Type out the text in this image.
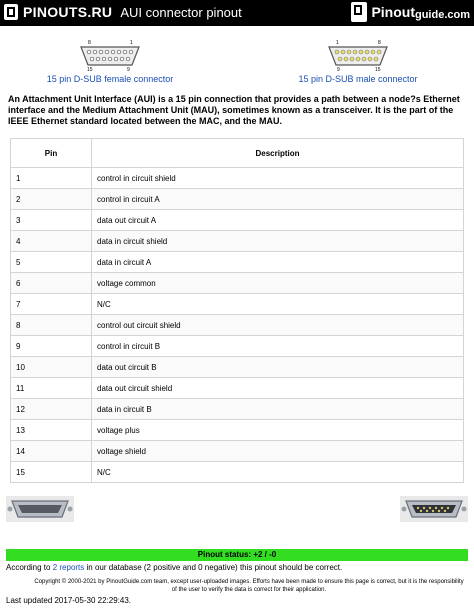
PINOUTS.RU AUI connector pinout	Pinout guide.com
8	1
15	9
15 pin D-SUB female connector
1	8
9	15
15 pin D-SUB male connector
An Attachment Unit Interface (AUI) is a 15 pin connection that provides a path between a node?s Ethernet interface and the Medium Attachment Unit (MAU), sometimes known as a transceiver. It is the part of the IEEE Ethernet standard located between the MAC, and the MAU.
Pin	Description
1	control in circuit shield
2	control in circuit A
3	data out circuit A
4	data in circuit shield
5	data in circuit A
6	voltage common
7	N/C
8	control out circuit shield
9	control in circuit B
10	data out circuit B
11	data out circuit shield
12	data in circuit B
13	voltage plus
14	voltage shield
15	N/C
Pinout status: +2 / -0
According to 2 reports in our database (2 positive and 0 negative) this pinout should be correct.
Copyright © 2000-2021 by PinoutGuide.com team, except user-uploaded images. Efforts have been made to ensure this page is correct, but it is the responsibility of the user to verify the data is correct for their application.
Last updated 2017-05-30 22:29:43.
